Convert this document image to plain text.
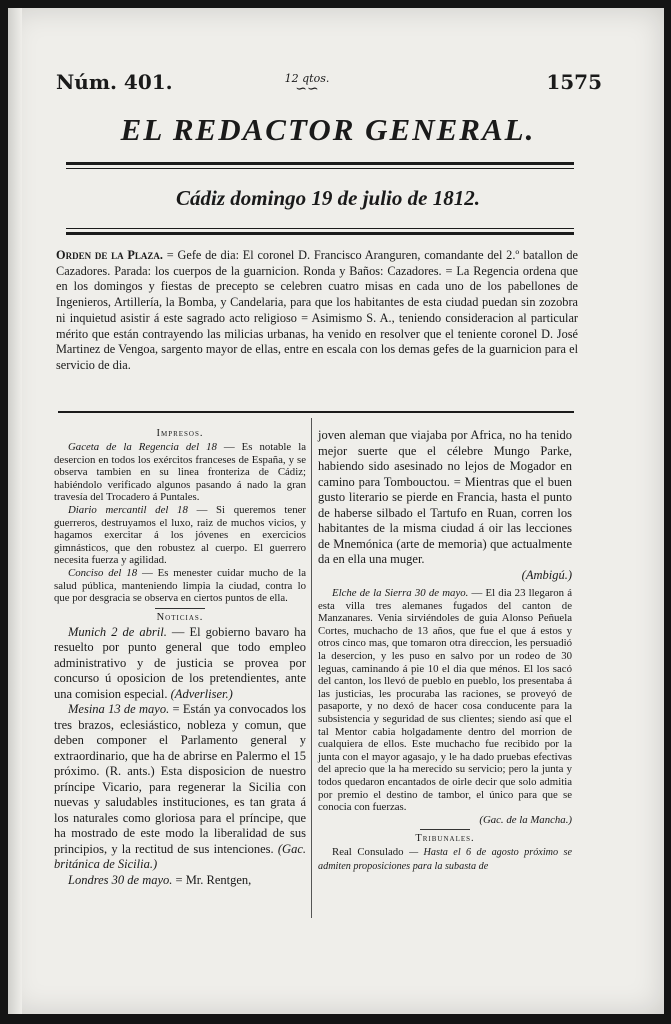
Núm. 401.	12 qtos.
∽∽	1575
EL REDACTOR GENERAL.
Cádiz domingo 19 de julio de 1812.
Orden de la Plaza. = Gefe de dia: El coronel D. Francisco Aranguren, comandante del 2.º batallon de Cazadores. Parada: los cuerpos de la guarnicion. Ronda y Baños: Cazadores. = La Regencia ordena que en los domingos y fiestas de precepto se celebren cuatro misas en cada uno de los pabellones de Ingenieros, Artillería, la Bomba, y Candelaria, para que los habitantes de esta ciudad puedan sin zozobra ni inquietud asistir á este sagrado acto religioso = Asimismo S. A., teniendo consideracion al particular mérito que están contrayendo las milicias urbanas, ha venido en resolver que el teniente coronel D. José Martinez de Vengoa, sargento mayor de ellas, entre en escala con los demas gefes de la guarnicion para el servicio de dia.
Impresos.

Gaceta de la Regencia del 18 — Es notable la desercion en todos los exércitos franceses de España, y se observa tambien en su linea fronteriza de Cádiz; habiéndolo verificado algunos pasando á nado la gran travesía del Trocadero á Puntales.

Diario mercantil del 18 — Si queremos tener guerreros, destruyamos el luxo, raiz de muchos vicios, y hagamos exercitar á los jóvenes en exercicios gimnásticos, que den robustez al cuerpo. El guerrero necesita fuerza y agilidad.

Conciso del 18 — Es menester cuidar mucho de la salud pública, manteniendo limpia la ciudad, contra lo que por desgracia se observa en ciertos puntos de ella.

Noticias.

Munich 2 de abril. — El gobierno bavaro ha resuelto por punto general que todo empleo administrativo y de justicia se provea por concurso ú oposicion de los pretendientes, ante una comision especial. (Adverliser.)

Mesina 13 de mayo. = Están ya convocados los tres brazos, eclesiástico, nobleza y comun, que deben componer el Parlamento general y extraordinario, que ha de abrirse en Palermo el 15 próximo. (R. ants.) Esta disposicion de nuestro príncipe Vicario, para regenerar la Sicilia con nuevas y saludables instituciones, es tan grata á los naturales como gloriosa para el príncipe, que ha mostrado de este modo la liberalidad de sus principios, y la rectitud de sus intenciones. (Gac. británica de Sicilia.)

Londres 30 de mayo. = Mr. Rentgen,

joven aleman que viajaba por Africa, no ha tenido mejor suerte que el célebre Mungo Parke, habiendo sido asesinado no lejos de Mogador en camino para Tombouctou. = Mientras que el buen gusto literario se pierde en Francia, hasta el punto de haberse silbado el Tartufo en Ruan, corren los habitantes de la misma ciudad á oir las lecciones de Mnemónica (arte de memoria) que actualmente da en ella una muger.

(Ambigú.)

Elche de la Sierra 30 de mayo. — El dia 23 llegaron á esta villa tres alemanes fugados del canton de Manzanares. Venia sirviéndoles de guia Alonso Peñuela Cortes, muchacho de 13 años, que fue el que á estos y otros cinco mas, que tomaron otra direccion, les persuadió la desercion, y les puso en salvo por un rodeo de 30 leguas, caminando á pie 10 el dia que ménos. El los sacó del canton, los llevó de pueblo en pueblo, los presentaba á las justicias, les procuraba las raciones, se proveyó de pasaporte, y no dexó de hacer cosa conducente para la subsistencia y seguridad de sus clientes; siendo así que el tal Mentor cabia holgadamente dentro del morrion de cualquiera de ellos. Este muchacho fue recibido por la junta con el mayor agasajo, y le ha dado pruebas efectivas del aprecio que la ha merecido su servicio; pero la junta y todos quedaron encantados de oirle decir que solo admitia por premio el destino de tambor, el único para que se conocia con fuerzas.

(Gac. de la Mancha.)

Tribunales.

Real Consulado — Hasta el 6 de agosto próximo se admiten proposiciones para la subasta de
